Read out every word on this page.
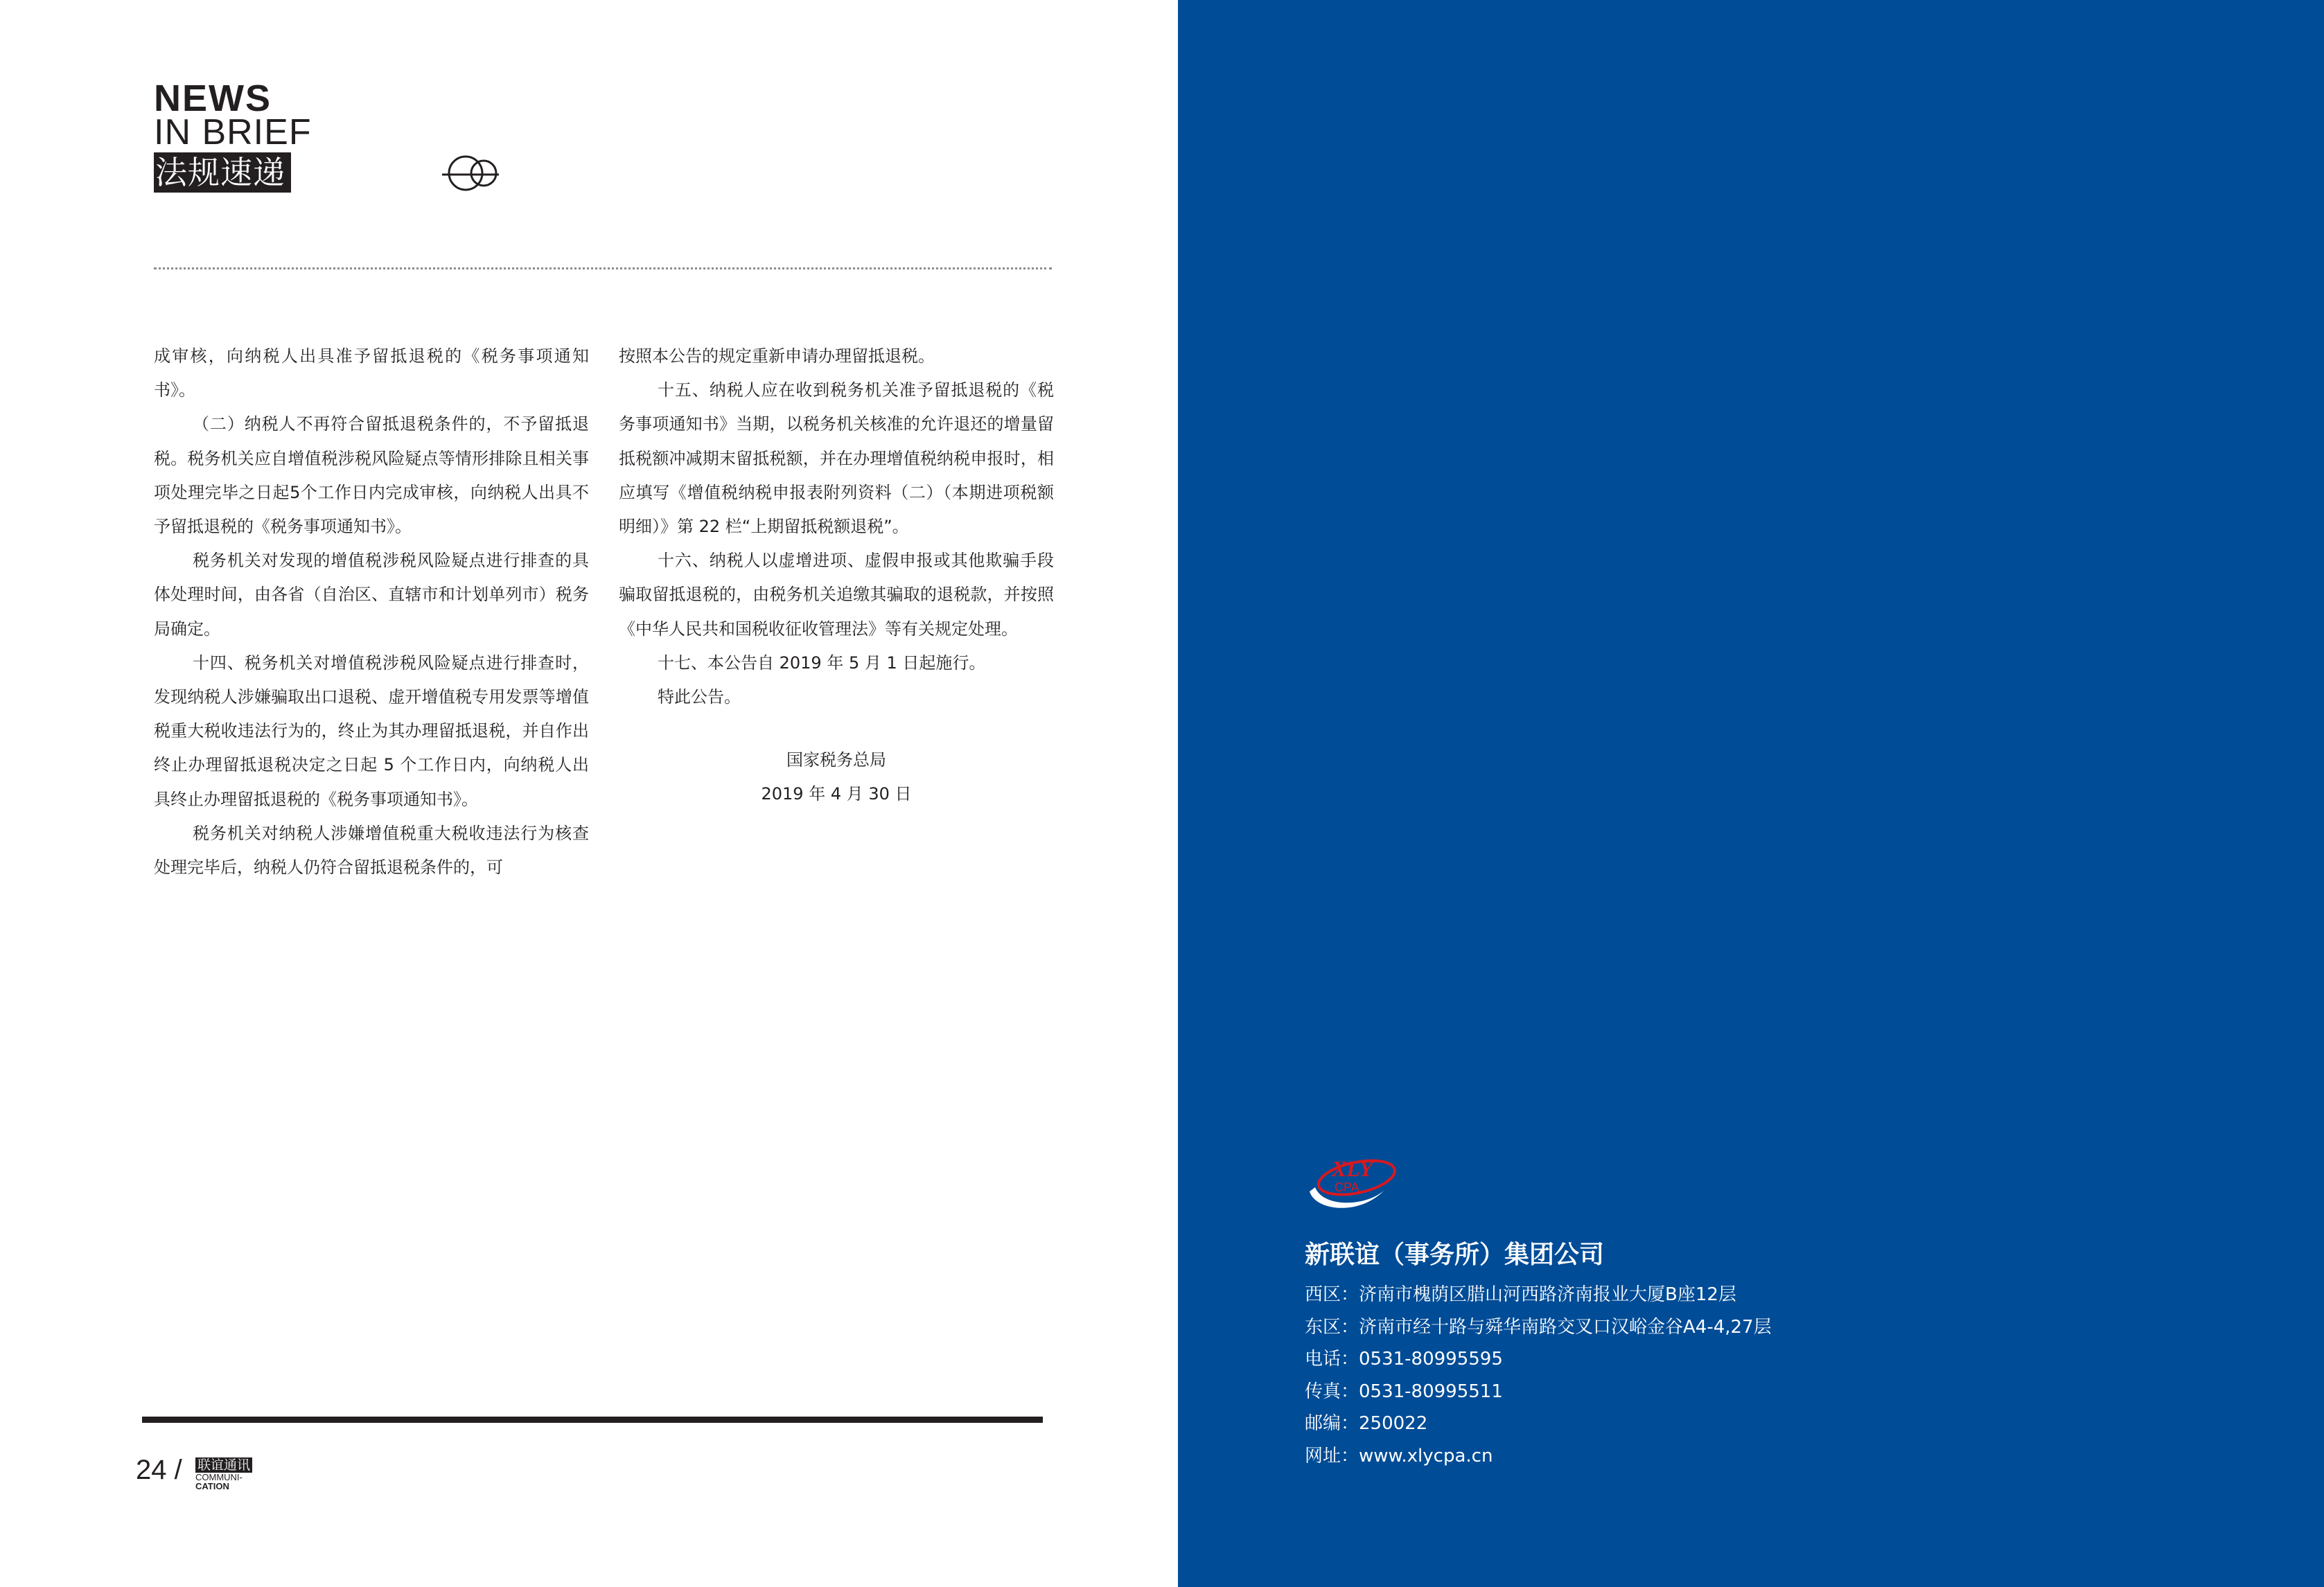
NEWS
IN BRIEF
法规速递

成审核，向纳税人出具准予留抵退税的《税务事项通知书》。

（二）纳税人不再符合留抵退税条件的，不予留抵退税。税务机关应自增值税涉税风险疑点等情形排除且相关事项处理完毕之日起5个工作日内完成审核，向纳税人出具不予留抵退税的《税务事项通知书》。

税务机关对发现的增值税涉税风险疑点进行排查的具体处理时间，由各省（自治区、直辖市和计划单列市）税务局确定。

十四、税务机关对增值税涉税风险疑点进行排查时，发现纳税人涉嫌骗取出口退税、虚开增值税专用发票等增值税重大税收违法行为的，终止为其办理留抵退税，并自作出终止办理留抵退税决定之日起 5 个工作日内，向纳税人出具终止办理留抵退税的《税务事项通知书》。

税务机关对纳税人涉嫌增值税重大税收违法行为核查处理完毕后，纳税人仍符合留抵退税条件的，可

按照本公告的规定重新申请办理留抵退税。

十五、纳税人应在收到税务机关准予留抵退税的《税务事项通知书》当期，以税务机关核准的允许退还的增量留抵税额冲减期末留抵税额，并在办理增值税纳税申报时，相应填写《增值税纳税申报表附列资料（二）（本期进项税额明细）》第 22 栏“上期留抵税额退税”。

十六、纳税人以虚增进项、虚假申报或其他欺骗手段骗取留抵退税的，由税务机关追缴其骗取的退税款，并按照《中华人民共和国税收征收管理法》等有关规定处理。

十七、本公告自 2019 年 5 月 1 日起施行。

特此公告。

国家税务总局

2019 年 4 月 30 日

24 / 联谊通讯
COMMUNI-
CATION
XLY
CPA
新联谊（事务所）集团公司
西区：济南市槐荫区腊山河西路济南报业大厦B座12层
东区：济南市经十路与舜华南路交叉口汉峪金谷A4-4,27层
电话：0531-80995595
传真：0531-80995511
邮编：250022
网址：www.xlycpa.cn
